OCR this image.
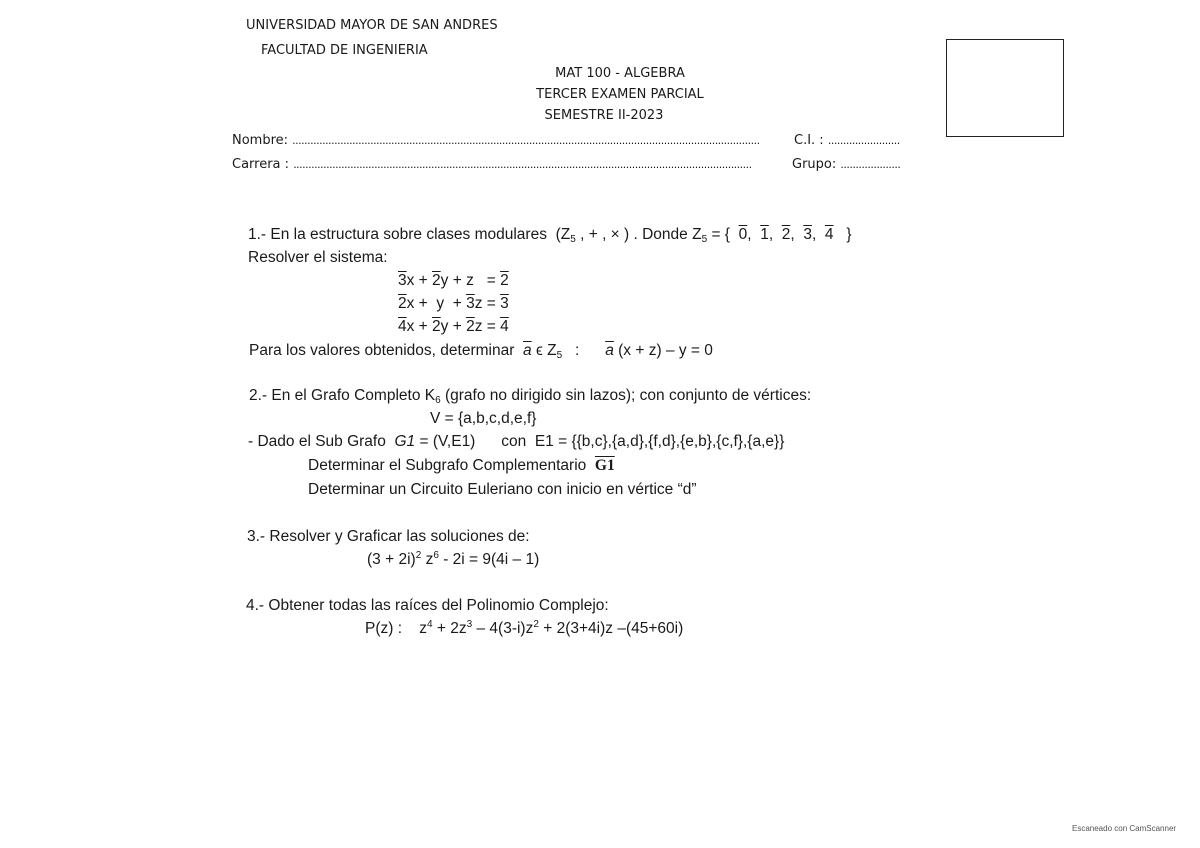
UNIVERSIDAD MAYOR DE SAN ANDRES
FACULTAD DE INGENIERIA
MAT 100 - ALGEBRA
TERCER EXAMEN PARCIAL
SEMESTRE II-2023
Nombre: ............................................................................................................................................................	C.I. : ........................
Carrera : .........................................................................................................................................................	Grupo: ....................
1.- En la estructura sobre clases modulares ($Z_5$ , + , × ) . Donde $Z_5$ = { 0, 1, 2, 3, 4 }
Resolver el sistema:
3x + 2y + z   = 2
2x +  y  + 3z = 3
4x + 2y + 2z = 4
Para los valores obtenidos, determinar $\overline{a}$ ϵ $Z_5$ : $\overline{a}$ (x + z) – y = 0
2.- En el Grafo Completo $K_6$ (grafo no dirigido sin lazos); con conjunto de vértices:
V = {a,b,c,d,e,f}
- Dado el Sub Grafo G1 = (V,E1) con E1 = {{b,c},{a,d},{f,d},{e,b},{c,f},{a,e}}
Determinar el Subgrafo Complementario G1
Determinar un Circuito Euleriano con inicio en vértice “d”
3.- Resolver y Graficar las soluciones de:
$(3 + 2i)^2$ $z^6 - 2i = 9(4i - 1)$
4.- Obtener todas las raíces del Polinomio Complejo:
P(z) : $z^4 + 2z^3 - 4(3-i)z^2 + 2(3+4i)z$ –(45+60i)
Escaneado con CamScanner
